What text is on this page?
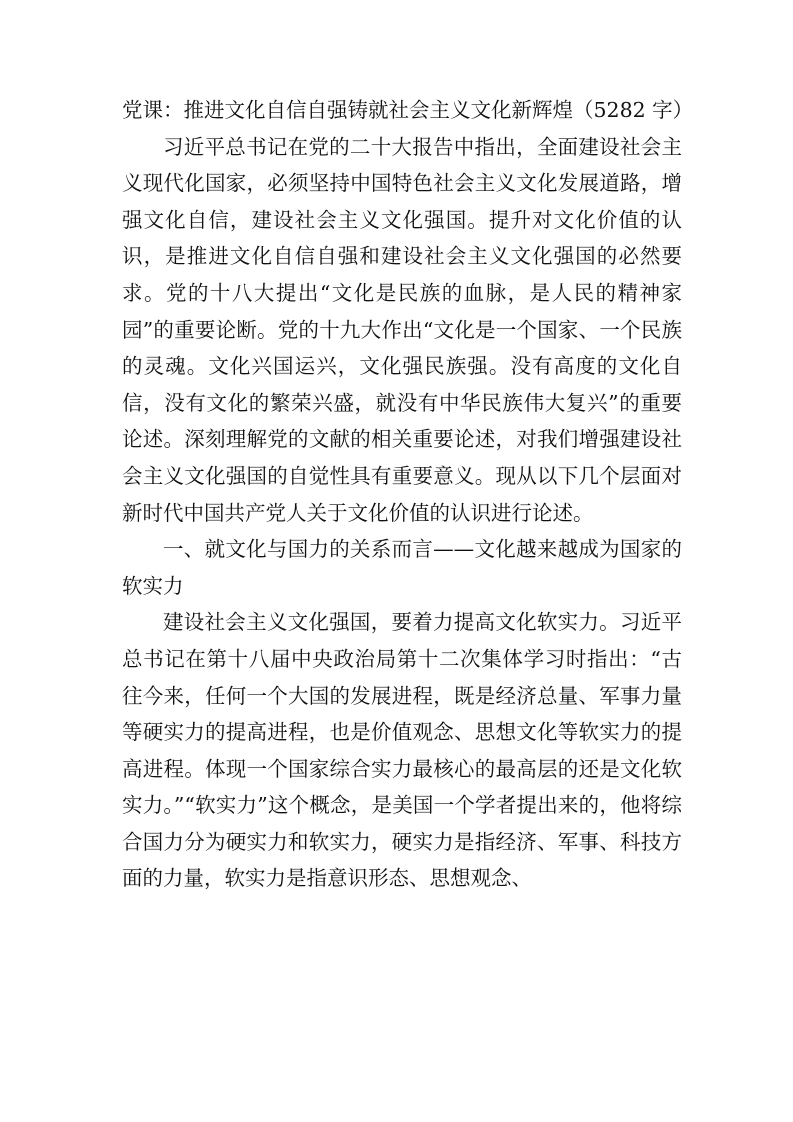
党课：推进文化自信自强铸就社会主义文化新辉煌（5282 字）

习近平总书记在党的二十大报告中指出，全面建设社会主义现代化国家，必须坚持中国特色社会主义文化发展道路，增强文化自信，建设社会主义文化强国。提升对文化价值的认识，是推进文化自信自强和建设社会主义文化强国的必然要求。党的十八大提出“文化是民族的血脉，是人民的精神家园”的重要论断。党的十九大作出“文化是一个国家、一个民族的灵魂。文化兴国运兴，文化强民族强。没有高度的文化自信，没有文化的繁荣兴盛，就没有中华民族伟大复兴”的重要论述。深刻理解党的文献的相关重要论述，对我们增强建设社会主义文化强国的自觉性具有重要意义。现从以下几个层面对新时代中国共产党人关于文化价值的认识进行论述。

一、就文化与国力的关系而言——文化越来越成为国家的软实力

建设社会主义文化强国，要着力提高文化软实力。习近平总书记在第十八届中央政治局第十二次集体学习时指出：“古往今来，任何一个大国的发展进程，既是经济总量、军事力量等硬实力的提高进程，也是价值观念、思想文化等软实力的提高进程。体现一个国家综合实力最核心的最高层的还是文化软实力。”“软实力”这个概念，是美国一个学者提出来的，他将综合国力分为硬实力和软实力，硬实力是指经济、军事、科技方面的力量，软实力是指意识形态、思想观念、
